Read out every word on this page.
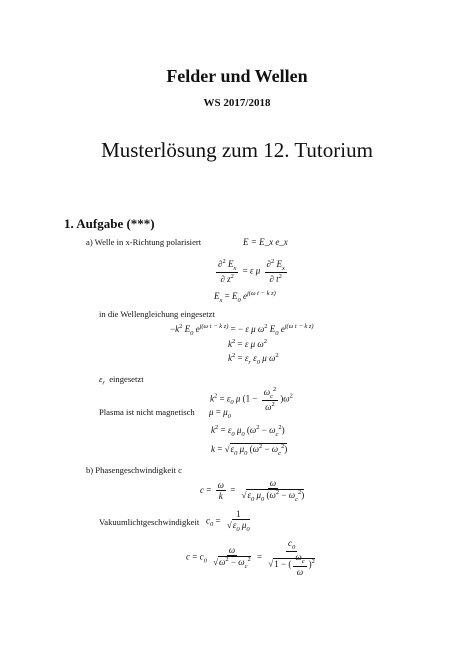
Felder und Wellen
WS 2017/2018
Musterlösung zum 12. Tutorium
1. Aufgabe (***)
a) Welle in x-Richtung polarisiert	E = E_x e_x
$\frac{\partial^2 E_x}{\partial z^2} = \varepsilon$ μ $\frac{\partial^2 E_x}{\partial t^2}$
$E_x = E_0$ $e^{j(\omega t - k z)}$
in die Wellengleichung eingesetzt
$-k^2$ $E_0$ $e^{j(\omega t - k z)}$ = − ε μ $\omega^2$ $E_0$ $e^{j(\omega t - k z)}$
$k^2 = \varepsilon$ μ $\omega^2$
$k^2 = \varepsilon_r$ $\varepsilon_0$ μ $\omega^2$
$\varepsilon_r$  eingesetzt
$k^2 = \varepsilon_0$ μ $(1 - \frac{\omega_c^2}{\omega^2} )\omega^2$
Plasma ist nicht magnetisch $\mu = \mu_0$
$k^2 = \varepsilon_0$ $\mu_0$ $(\omega^2 - \omega_c^2)$
$k = √\varepsilon_0$ $\mu_0$ $(\omega^2 - \omega_c^2)$
b) Phasengeschwindigkeit c
$c = \frac{\omega}{k} = \frac{\omega}{√\varepsilon_0 \mu_0 (\omega^2 - \omega_c^2)}$
Vakuumlichtgeschwindigkeit $c_0 = \frac{1}{√\varepsilon_0 \mu_0}$
$c = c_0 \frac{\omega}{√\omega^2 - \omega_c^2} = \frac{c_0}{√1 - ( \frac{\omega_c}{\omega} )^2}$
